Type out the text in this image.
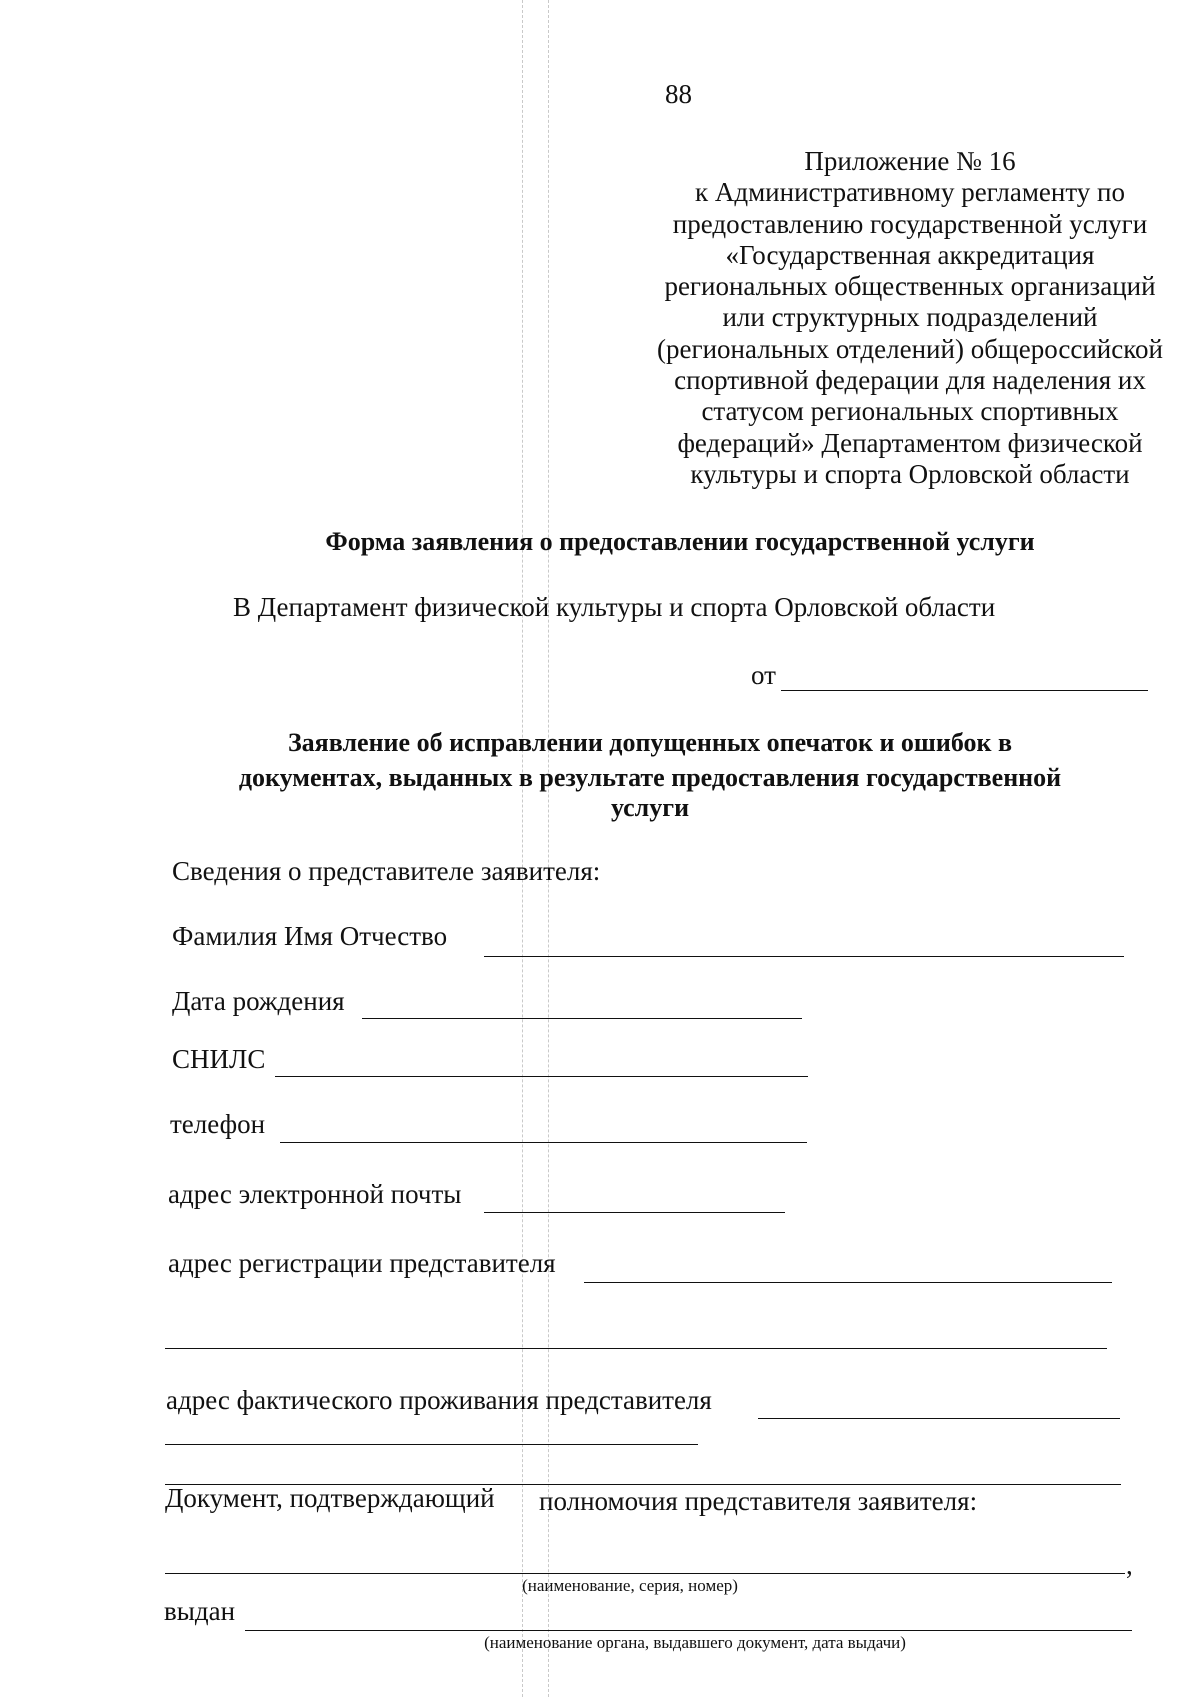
88
Приложение № 16
к Административному регламенту по
предоставлению государственной услуги
«Государственная аккредитация
региональных общественных организаций
или структурных подразделений
(региональных отделений) общероссийской
спортивной федерации для наделения их
статусом региональных спортивных
федераций» Департаментом физической
культуры и спорта Орловской области
Форма заявления о предоставлении государственной услуги
В Департамент физической культуры и спорта Орловской области
от
Заявление об исправлении допущенных опечаток и ошибок в
документах, выданных в результате предоставления государственной
услуги
Сведения о представителе заявителя:
Фамилия Имя Отчество
Дата рождения
СНИЛС
телефон
адрес электронной почты
адрес регистрации представителя
адрес фактического проживания представителя
Документ, подтверждающий полномочия представителя заявителя:
,
(наименование, серия, номер)
выдан
(наименование органа, выдавшего документ, дата выдачи)
